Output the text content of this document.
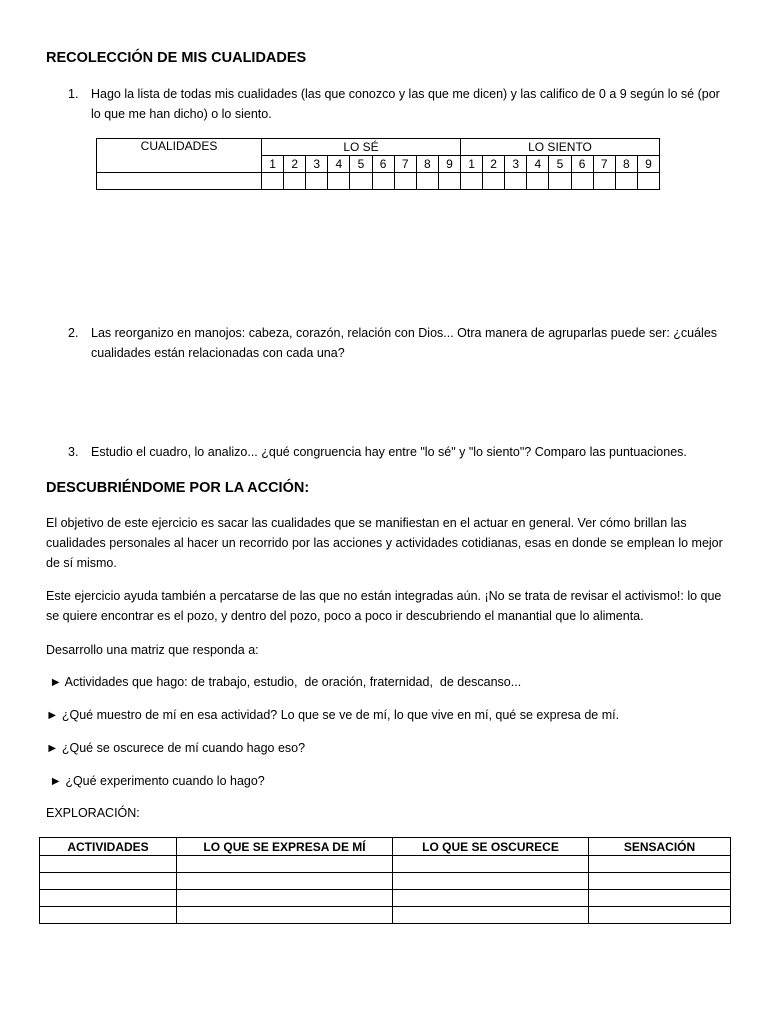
RECOLECCIÓN DE MIS CUALIDADES
1. Hago la lista de todas mis cualidades (las que conozco y las que me dicen) y las califico de 0 a 9 según lo sé (por lo que me han dicho) o lo siento.
CUALIDADES	LO SÉ									LO SIENTO								
	1	2	3	4	5	6	7	8	9	1	2	3	4	5	6	7	8	9

2. Las reorganizo en manojos: cabeza, corazón, relación con Dios... Otra manera de agruparlas puede ser: ¿cuáles cualidades están relacionadas con cada una?
3. Estudio el cuadro, lo analizo... ¿qué congruencia hay entre "lo sé" y "lo siento"? Comparo las puntuaciones.
DESCUBRIÉNDOME POR LA ACCIÓN:
El objetivo de este ejercicio es sacar las cualidades que se manifiestan en el actuar en general. Ver cómo brillan las cualidades personales al hacer un recorrido por las acciones y actividades cotidianas, esas en donde se emplean lo mejor de sí mismo.
Este ejercicio ayuda también a percatarse de las que no están integradas aún. ¡No se trata de revisar el activismo!: lo que se quiere encontrar es el pozo, y dentro del pozo, poco a poco ir descubriendo el manantial que lo alimenta.
Desarrollo una matriz que responda a:
► Actividades que hago: de trabajo, estudio,  de oración, fraternidad,  de descanso...
► ¿Qué muestro de mí en esa actividad? Lo que se ve de mí, lo que vive en mí, qué se expresa de mí.
► ¿Qué se oscurece de mí cuando hago eso?
► ¿Qué experimento cuando lo hago?
EXPLORACIÓN:
ACTIVIDADES	LO QUE SE EXPRESA DE MÍ	LO QUE SE OSCURECE	SENSACIÓN
